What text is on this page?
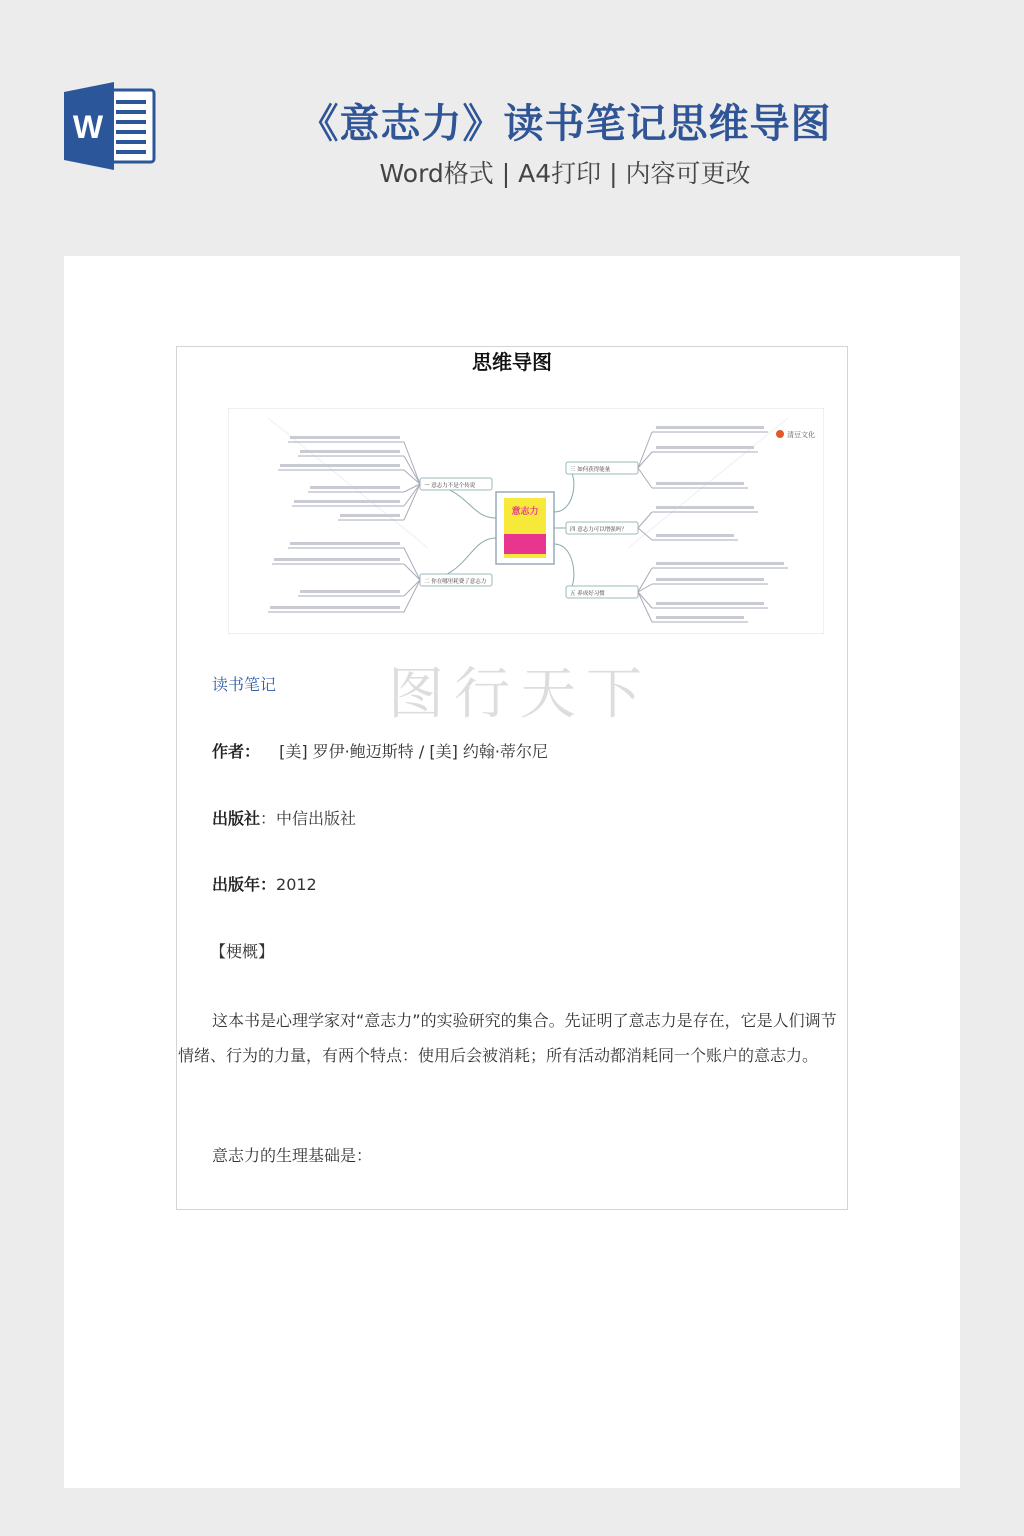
W	《意志力》读书笔记思维导图
Word格式 | A4打印 | 内容可更改
思维导图
意志力
清豆文化
一 意志力不是个传说
二 你在哪里耗费了意志力
三 如何获得能量
四 意志力可以增强吗？
五 养成好习惯
图行天下
读书笔记
作者： [美] 罗伊·鲍迈斯特 / [美] 约翰·蒂尔尼
出版社：中信出版社
出版年：2012
【梗概】
这本书是心理学家对“意志力”的实验研究的集合。先证明了意志力是存在，它是人们调节情绪、行为的力量，有两个特点：使用后会被消耗；所有活动都消耗同一个账户的意志力。
意志力的生理基础是：
